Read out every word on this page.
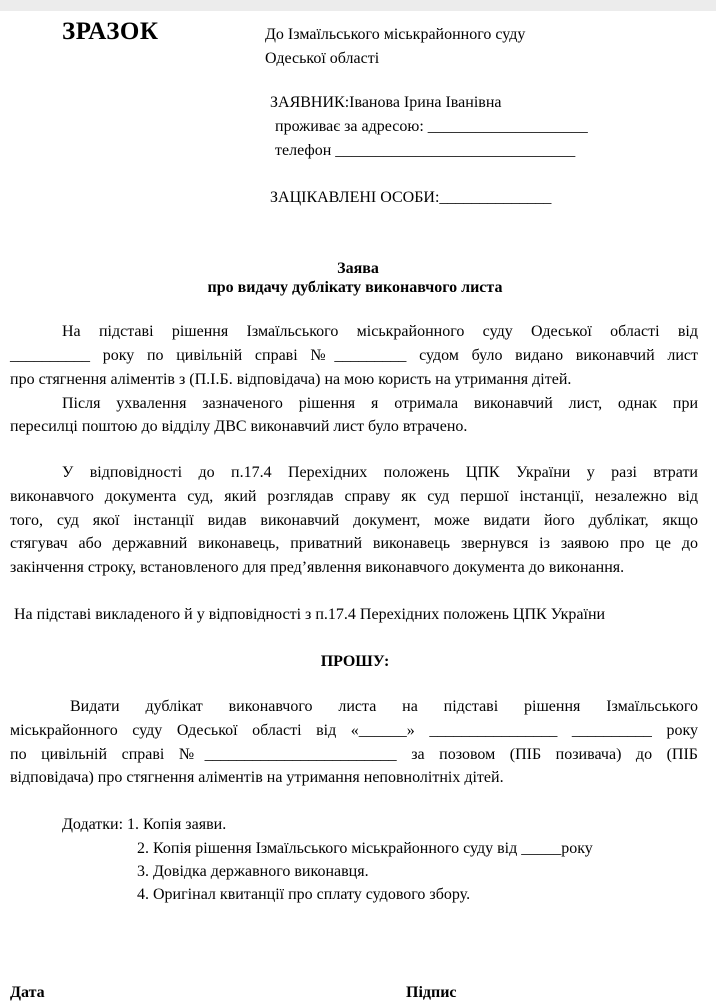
ЗРАЗОК	До Ізмаїльського міськрайонного суду
Одеської області
ЗАЯВНИК:Іванова Ірина Іванівна
проживає за адресою: ____________________
телефон ______________________________
ЗАЦІКАВЛЕНІ ОСОБИ:______________
Заява
про видачу дублікату виконавчого листа
На підставі рішення Ізмаїльського міськрайонного суду Одеської області від
__________ року по цивільній справі №_________ судом було видано виконавчий лист
про стягнення аліментів з (П.І.Б. відповідача) на мою користь на утримання дітей.
Після ухвалення зазначеного рішення я отримала виконавчий лист, однак при
пересилці поштою до відділу ДВС виконавчий лист було втрачено.
У відповідності до п.17.4 Перехідних положень ЦПК України у разі втрати
виконавчого документа суд, який розглядав справу як суд першої інстанції, незалежно від
того, суд якої інстанції видав виконавчий документ, може видати його дублікат, якщо
стягувач або державний виконавець, приватний виконавець звернувся із заявою про це до
закінчення строку, встановленого для пред’явлення виконавчого документа до виконання.
На підставі викладеного й у відповідності з п.17.4 Перехідних положень ЦПК України
ПРОШУ:
Видати дублікат виконавчого листа на підставі рішення Ізмаїльського
міськрайонного суду Одеської області від «______» ________________ __________ року
по цивільній справі №________________________ за позовом (ПІБ позивача) до (ПІБ
відповідача) про стягнення аліментів на утримання неповнолітніх дітей.
Додатки: 1. Копія заяви.
2. Копія рішення Ізмаїльського міськрайонного суду від _____року
3. Довідка державного виконавця.
4. Оригінал квитанції про сплату судового збору.
Дата	Підпис
